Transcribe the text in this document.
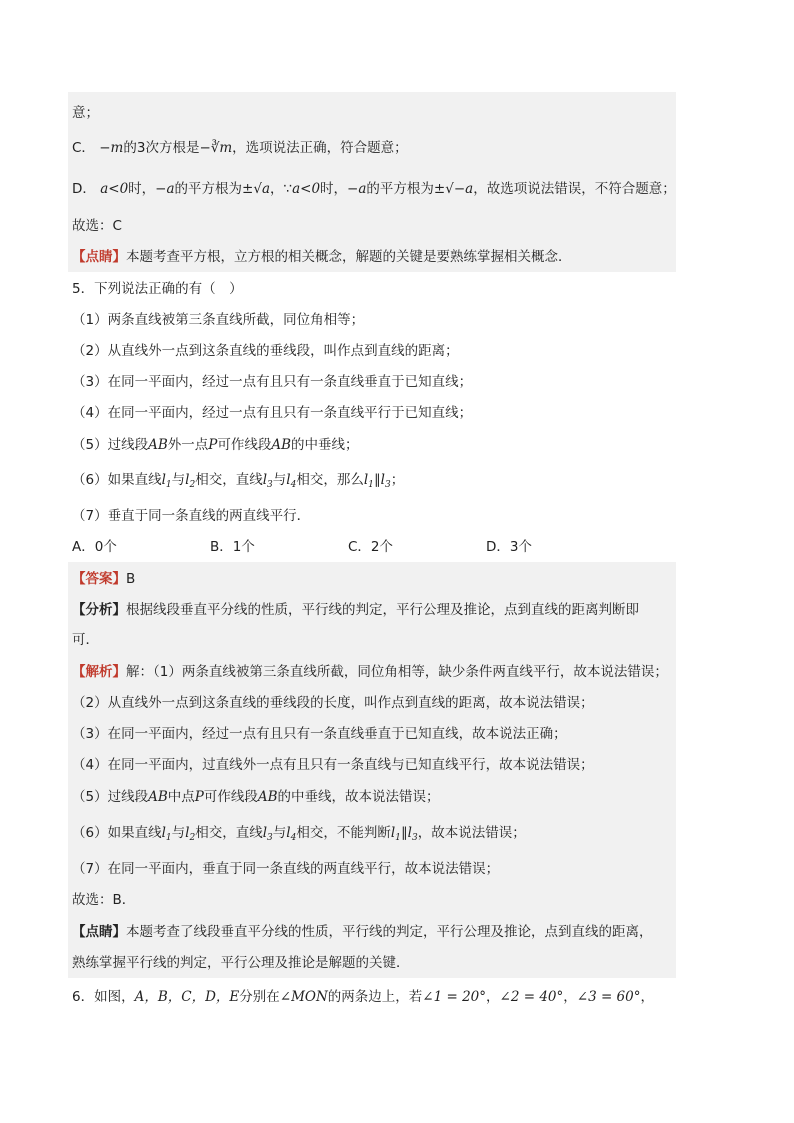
意；
C． −m的3次方根是−∛m，选项说法正确，符合题意；
D． a<0时，−a的平方根为±√a，∵a<0时，−a的平方根为±√−a，故选项说法错误，不符合题意；
故选：C
【点睛】本题考查平方根，立方根的相关概念，解题的关键是要熟练掌握相关概念．
5．下列说法正确的有（　）
（1）两条直线被第三条直线所截，同位角相等；
（2）从直线外一点到这条直线的垂线段，叫作点到直线的距离；
（3）在同一平面内，经过一点有且只有一条直线垂直于已知直线；
（4）在同一平面内，经过一点有且只有一条直线平行于已知直线；
（5）过线段AB外一点P可作线段AB的中垂线；
（6）如果直线$l_1$与$l_2$相交，直线$l_3$与$l_4$相交，那么$l_1\parallel l_3$；
（7）垂直于同一条直线的两直线平行．
A．0个	B．1个	C．2个	D．3个
【答案】B
【分析】根据线段垂直平分线的性质，平行线的判定，平行公理及推论，点到直线的距离判断即
可．
【解析】解：（1）两条直线被第三条直线所截，同位角相等，缺少条件两直线平行，故本说法错误；
（2）从直线外一点到这条直线的垂线段的长度，叫作点到直线的距离，故本说法错误；
（3）在同一平面内，经过一点有且只有一条直线垂直于已知直线，故本说法正确；
（4）在同一平面内，过直线外一点有且只有一条直线与已知直线平行，故本说法错误；
（5）过线段AB中点P可作线段AB的中垂线，故本说法错误；
（6）如果直线$l_1$与$l_2$相交，直线$l_3$与$l_4$相交，不能判断$l_1\parallel l_3$，故本说法错误；
（7）在同一平面内，垂直于同一条直线的两直线平行，故本说法错误；
故选：B．
【点睛】本题考查了线段垂直平分线的性质，平行线的判定，平行公理及推论，点到直线的距离，
熟练掌握平行线的判定，平行公理及推论是解题的关键．
6．如图，A，B，C，D，E分别在∠MON的两条边上，若∠1 = 20°，∠2 = 40°，∠3 = 60°，
